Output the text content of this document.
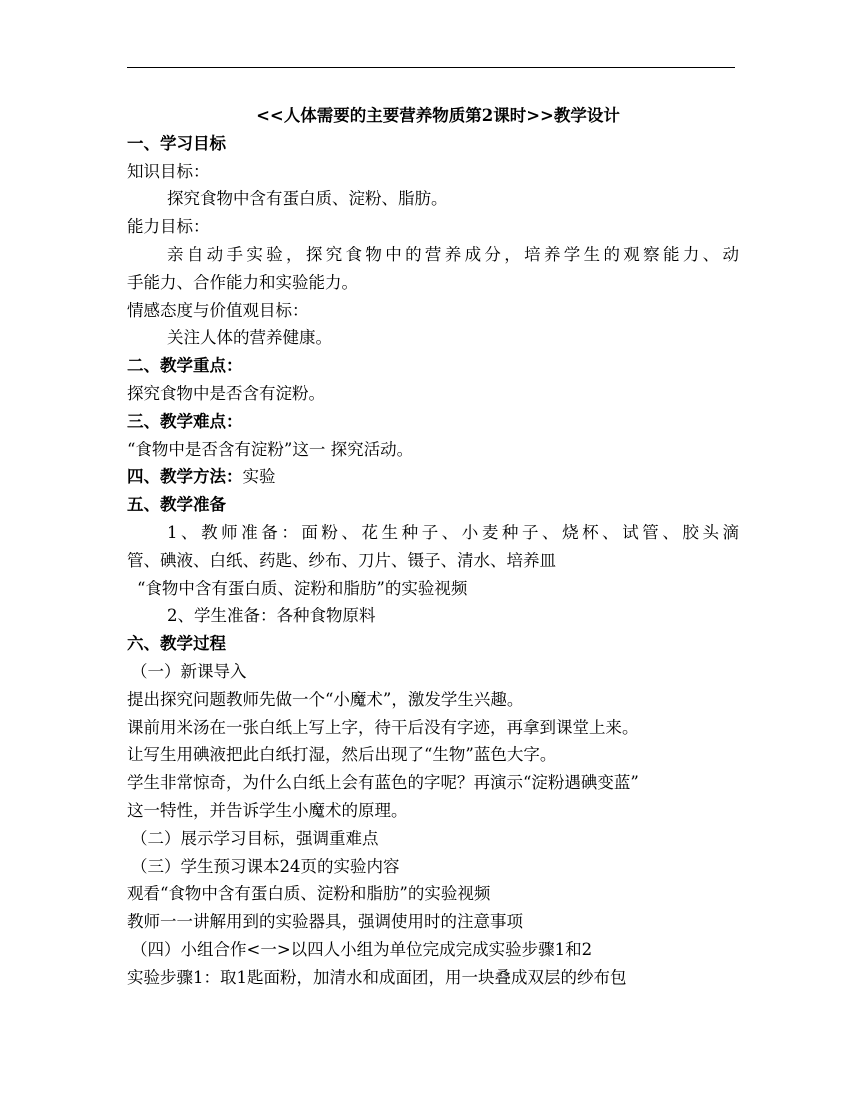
<<人体需要的主要营养物质第2课时>>教学设计
一、学习目标
知识目标：
探究食物中含有蛋白质、淀粉、脂肪。
能力目标：
亲自动手实验，探究食物中的营养成分，培养学生的观察能力、动
手能力、合作能力和实验能力。
情感态度与价值观目标：
关注人体的营养健康。
二、教学重点：
探究食物中是否含有淀粉。
三、教学难点：
“食物中是否含有淀粉”这一 探究活动。
四、教学方法：实验
五、教学准备
1、教师准备：面粉、花生种子、小麦种子、烧杯、试管、胶头滴
管、碘液、白纸、药匙、纱布、刀片、镊子、清水、培养皿
“食物中含有蛋白质、淀粉和脂肪”的实验视频
2、学生准备：各种食物原料
六、教学过程
（一）新课导入
提出探究问题教师先做一个“小魔术”，激发学生兴趣。
课前用米汤在一张白纸上写上字，待干后没有字迹，再拿到课堂上来。
让写生用碘液把此白纸打湿，然后出现了“生物”蓝色大字。
学生非常惊奇，为什么白纸上会有蓝色的字呢？再演示“淀粉遇碘变蓝”
这一特性，并告诉学生小魔术的原理。
（二）展示学习目标，强调重难点
（三）学生预习课本24页的实验内容
观看“食物中含有蛋白质、淀粉和脂肪”的实验视频
教师一一讲解用到的实验器具，强调使用时的注意事项
（四）小组合作<一>以四人小组为单位完成完成实验步骤1和2
实验步骤1：取1匙面粉，加清水和成面团，用一块叠成双层的纱布包
